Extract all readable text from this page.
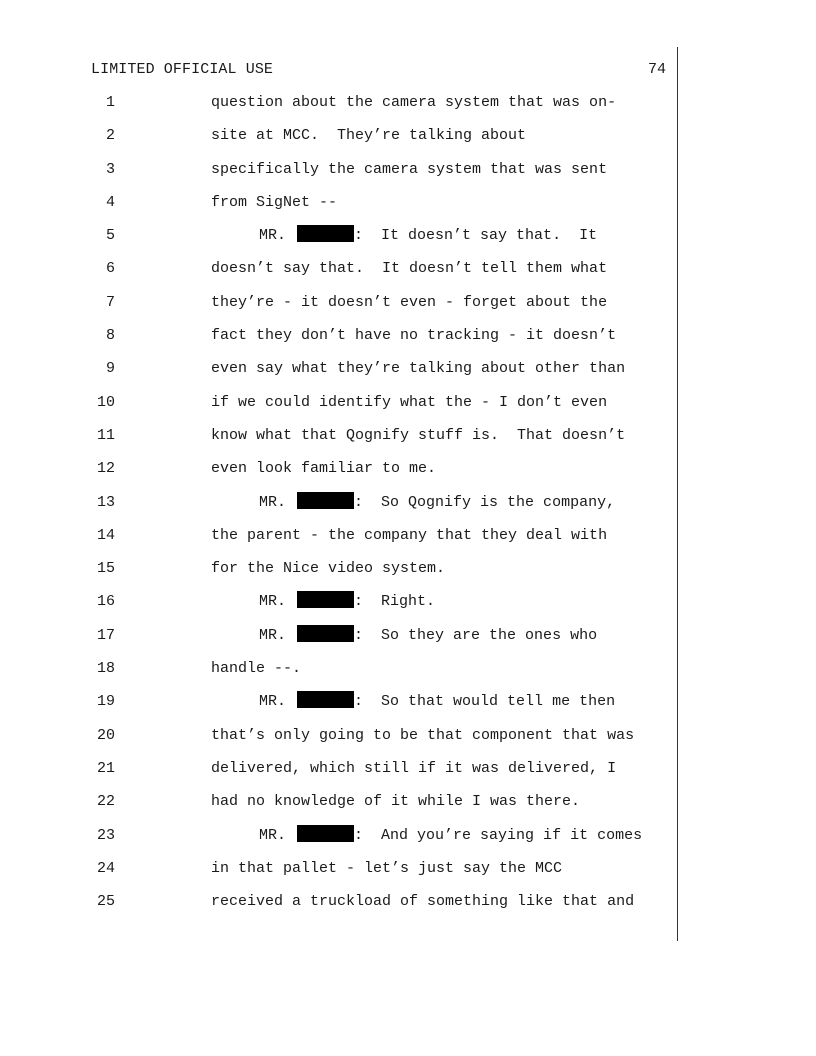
LIMITED OFFICIAL USE	74

1

	question about the camera system that was on-

2

	site at MCC.  They’re talking about

3

	specifically the camera system that was sent

4

	from SigNet --

5

	MR.	:  It doesn’t say that.  It

6

	doesn’t say that.  It doesn’t tell them what

7

	they’re - it doesn’t even - forget about the

8

	fact they don’t have no tracking - it doesn’t

9

	even say what they’re talking about other than

10

	if we could identify what the - I don’t even

11

	know what that Qognify stuff is.  That doesn’t

12

	even look familiar to me.

13

	MR.	:  So Qognify is the company,

14

	the parent - the company that they deal with

15

	for the Nice video system.

16

	MR.	:  Right.

17

	MR.	:  So they are the ones who

18

	handle --.

19

	MR.	:  So that would tell me then

20

	that’s only going to be that component that was

21

	delivered, which still if it was delivered, I

22

	had no knowledge of it while I was there.

23

	MR.	:  And you’re saying if it comes

24

	in that pallet - let’s just say the MCC

25

	received a truckload of something like that and
